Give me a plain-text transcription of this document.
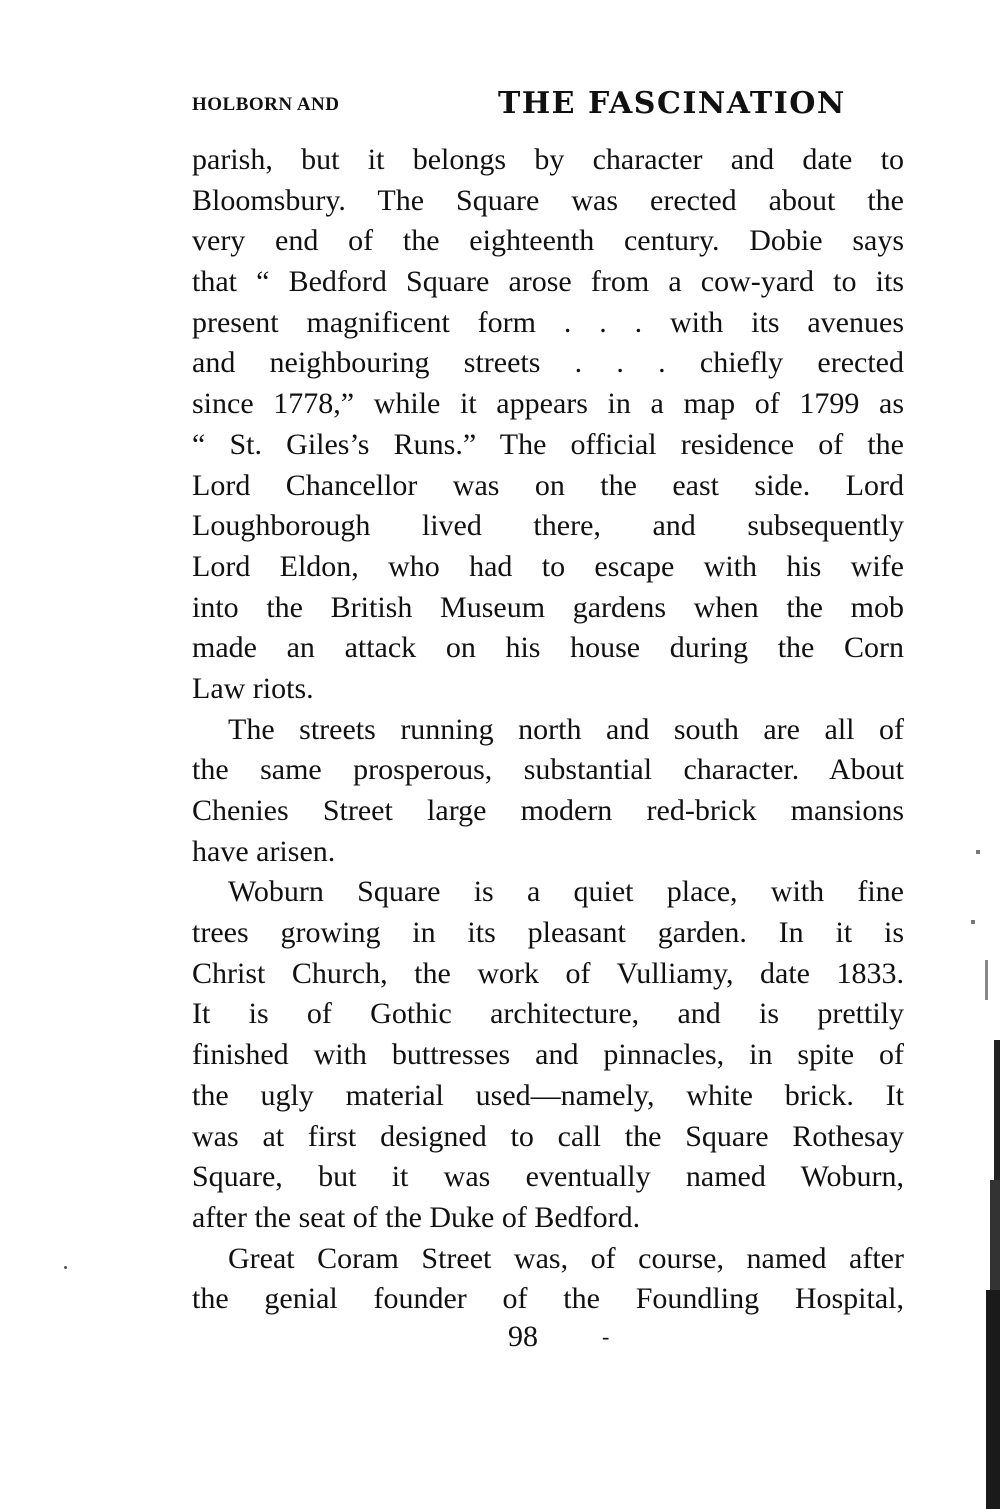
HOLBORN AND	THE FASCINATION
parish, but it belongs by character and date to
Bloomsbury. The Square was erected about the
very end of the eighteenth century. Dobie says
that “ Bedford Square arose from a cow-yard to its
present magnificent form . . . with its avenues
and neighbouring streets . . . chiefly erected
since 1778,” while it appears in a map of 1799 as
“ St. Giles’s Runs.” The official residence of the
Lord Chancellor was on the east side. Lord
Loughborough lived there, and subsequently
Lord Eldon, who had to escape with his wife
into the British Museum gardens when the mob
made an attack on his house during the Corn
Law riots.
The streets running north and south are all of
the same prosperous, substantial character. About
Chenies Street large modern red-brick mansions
have arisen.
Woburn Square is a quiet place, with fine
trees growing in its pleasant garden. In it is
Christ Church, the work of Vulliamy, date 1833.
It is of Gothic architecture, and is prettily
finished with buttresses and pinnacles, in spite of
the ugly material used—namely, white brick. It
was at first designed to call the Square Rothesay
Square, but it was eventually named Woburn,
after the seat of the Duke of Bedford.
Great Coram Street was, of course, named after
the genial founder of the Foundling Hospital,
98	-
